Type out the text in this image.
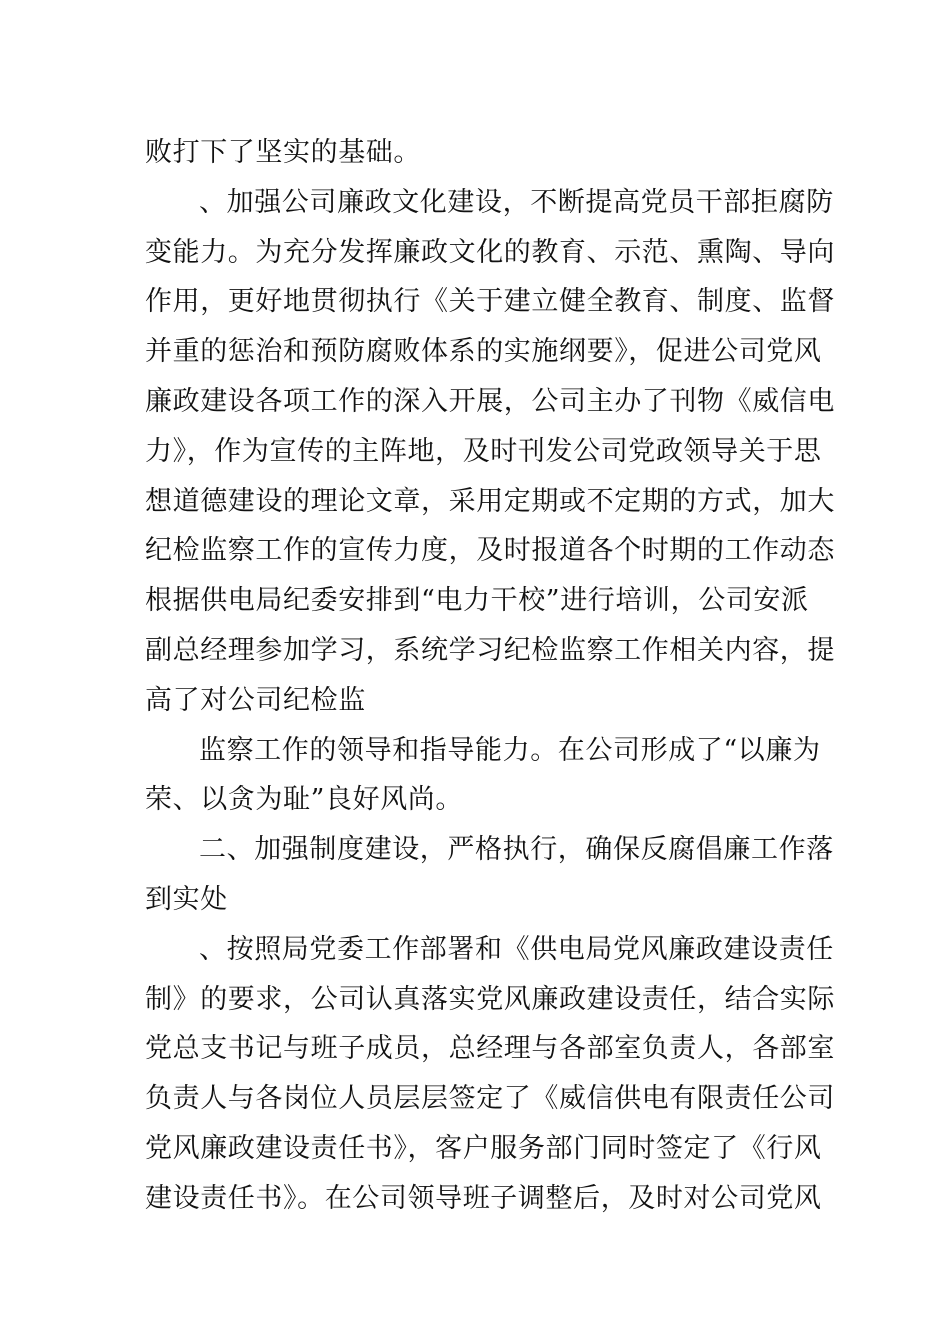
败打下了坚实的基础。
、加强公司廉政文化建设，不断提高党员干部拒腐防
变能力。为充分发挥廉政文化的教育、示范、熏陶、导向
作用，更好地贯彻执行《关于建立健全教育、制度、监督
并重的惩治和预防腐败体系的实施纲要》，促进公司党风
廉政建设各项工作的深入开展，公司主办了刊物《威信电
力》，作为宣传的主阵地，及时刊发公司党政领导关于思
想道德建设的理论文章，采用定期或不定期的方式，加大
纪检监察工作的宣传力度，及时报道各个时期的工作动态
根据供电局纪委安排到“电力干校”进行培训，公司安派
副总经理参加学习，系统学习纪检监察工作相关内容，提
高了对公司纪检监
监察工作的领导和指导能力。在公司形成了“以廉为
荣、以贪为耻”良好风尚。
二、加强制度建设，严格执行，确保反腐倡廉工作落
到实处
、按照局党委工作部署和《供电局党风廉政建设责任
制》的要求，公司认真落实党风廉政建设责任，结合实际
党总支书记与班子成员，总经理与各部室负责人，各部室
负责人与各岗位人员层层签定了《威信供电有限责任公司
党风廉政建设责任书》，客户服务部门同时签定了《行风
建设责任书》。在公司领导班子调整后，及时对公司党风
